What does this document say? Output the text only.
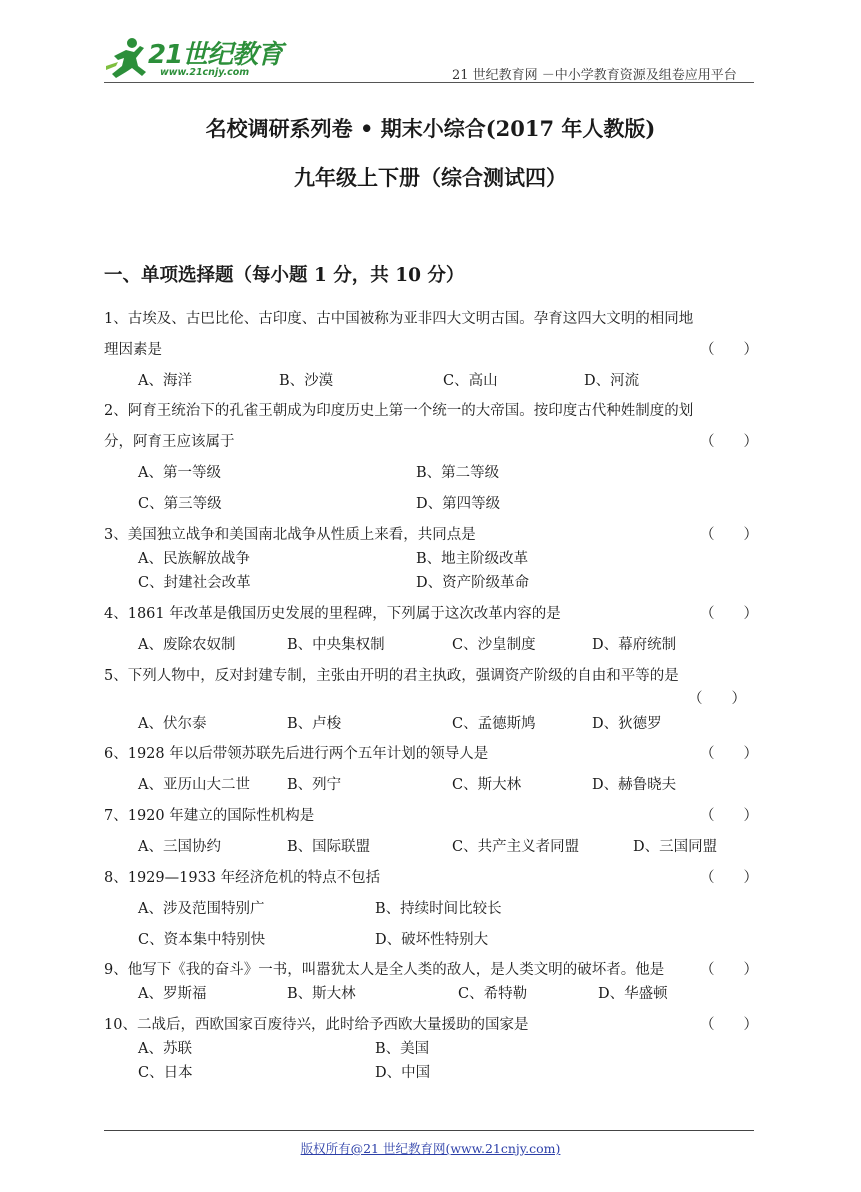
21世纪教育
www.21cnjy.com	21 世纪教育网 －中小学教育资源及组卷应用平台
名校调研系列卷 • 期末小综合(2017 年人教版)
九年级上下册（综合测试四）
一、单项选择题（每小题 1 分，共 10 分）
1、古埃及、古巴比伦、古印度、古中国被称为亚非四大文明古国。孕育这四大文明的相同地
理因素是	（　　）
A、海洋	B、沙漠	C、高山	D、河流
2、阿育王统治下的孔雀王朝成为印度历史上第一个统一的大帝国。按印度古代种姓制度的划
分，阿育王应该属于	（　　）
A、第一等级	B、第二等级
C、第三等级	D、第四等级
3、美国独立战争和美国南北战争从性质上来看，共同点是	（　　）
A、民族解放战争	B、地主阶级改革
C、封建社会改革	D、资产阶级革命
4、1861 年改革是俄国历史发展的里程碑，下列属于这次改革内容的是	（　　）
A、废除农奴制	B、中央集权制	C、沙皇制度	D、幕府统制
5、下列人物中，反对封建专制，主张由开明的君主执政，强调资产阶级的自由和平等的是
（　　）
A、伏尔泰	B、卢梭	C、孟德斯鸠	D、狄德罗
6、1928 年以后带领苏联先后进行两个五年计划的领导人是	（　　）
A、亚历山大二世	B、列宁	C、斯大林	D、赫鲁晓夫
7、1920 年建立的国际性机构是	（　　）
A、三国协约	B、国际联盟	C、共产主义者同盟	D、三国同盟
8、1929—1933 年经济危机的特点不包括	（　　）
A、涉及范围特别广	B、持续时间比较长
C、资本集中特别快	D、破坏性特别大
9、他写下《我的奋斗》一书，叫嚣犹太人是全人类的敌人，是人类文明的破坏者。他是 （　　）
A、罗斯福	B、斯大林	C、希特勒	D、华盛顿
10、二战后，西欧国家百废待兴，此时给予西欧大量援助的国家是	（　　）
A、苏联	B、美国
C、日本	D、中国
版权所有@21 世纪教育网(www.21cnjy.com)
